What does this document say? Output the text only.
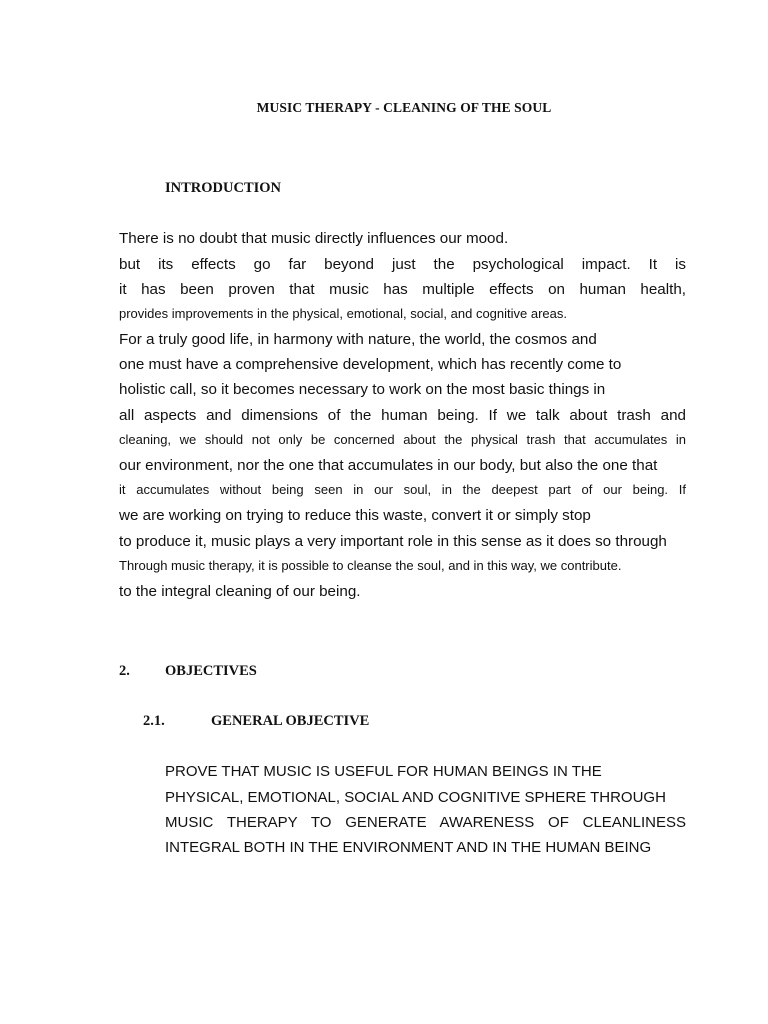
MUSIC THERAPY - CLEANING OF THE SOUL
INTRODUCTION
There is no doubt that music directly influences our mood.
but its effects go far beyond just the psychological impact. It is
it has been proven that music has multiple effects on human health,
provides improvements in the physical, emotional, social, and cognitive areas.
For a truly good life, in harmony with nature, the world, the cosmos and
one must have a comprehensive development, which has recently come to
holistic call, so it becomes necessary to work on the most basic things in
all aspects and dimensions of the human being. If we talk about trash and
cleaning, we should not only be concerned about the physical trash that accumulates in
our environment, nor the one that accumulates in our body, but also the one that
it accumulates without being seen in our soul, in the deepest part of our being. If
we are working on trying to reduce this waste, convert it or simply stop
to produce it, music plays a very important role in this sense as it does so through
Through music therapy, it is possible to cleanse the soul, and in this way, we contribute.
to the integral cleaning of our being.
2. OBJECTIVES
2.1.	GENERAL OBJECTIVE
PROVE THAT MUSIC IS USEFUL FOR HUMAN BEINGS IN THE
PHYSICAL, EMOTIONAL, SOCIAL AND COGNITIVE SPHERE THROUGH
MUSIC THERAPY TO GENERATE AWARENESS OF CLEANLINESS
INTEGRAL BOTH IN THE ENVIRONMENT AND IN THE HUMAN BEING
